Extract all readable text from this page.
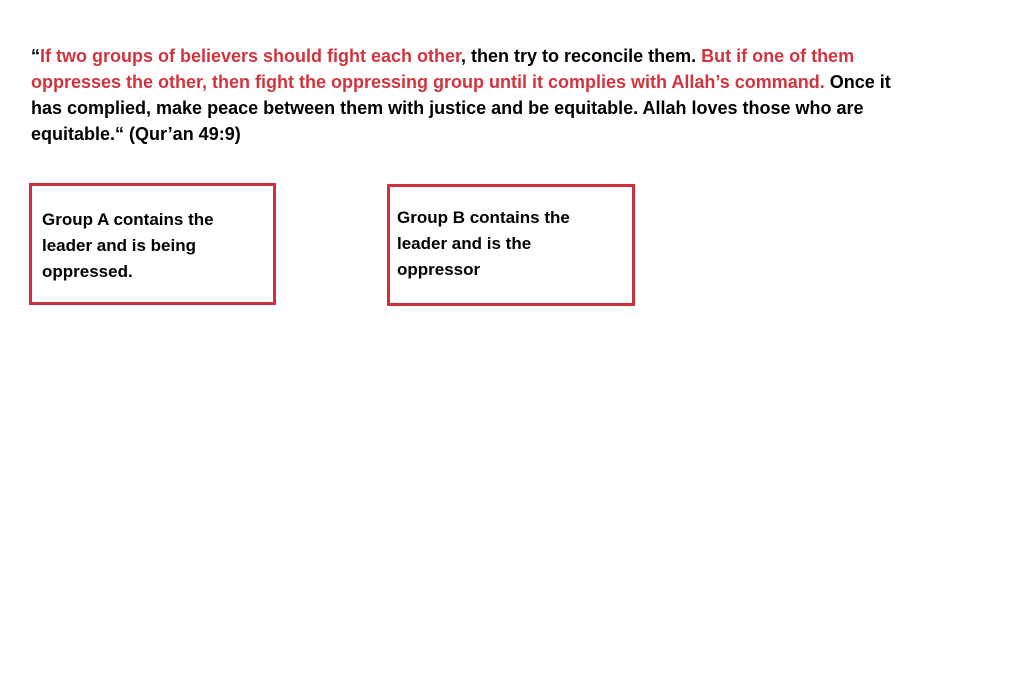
“If two groups of believers should fight each other, then try to reconcile them. But if one of them oppresses the other, then fight the oppressing group until it complies with Allah’s command. Once it has complied, make peace between them with justice and be equitable. Allah loves those who are equitable.“ (Qur’an 49:9)
Group A contains the
leader and is being
oppressed.
Group B contains the
leader and is the
oppressor
